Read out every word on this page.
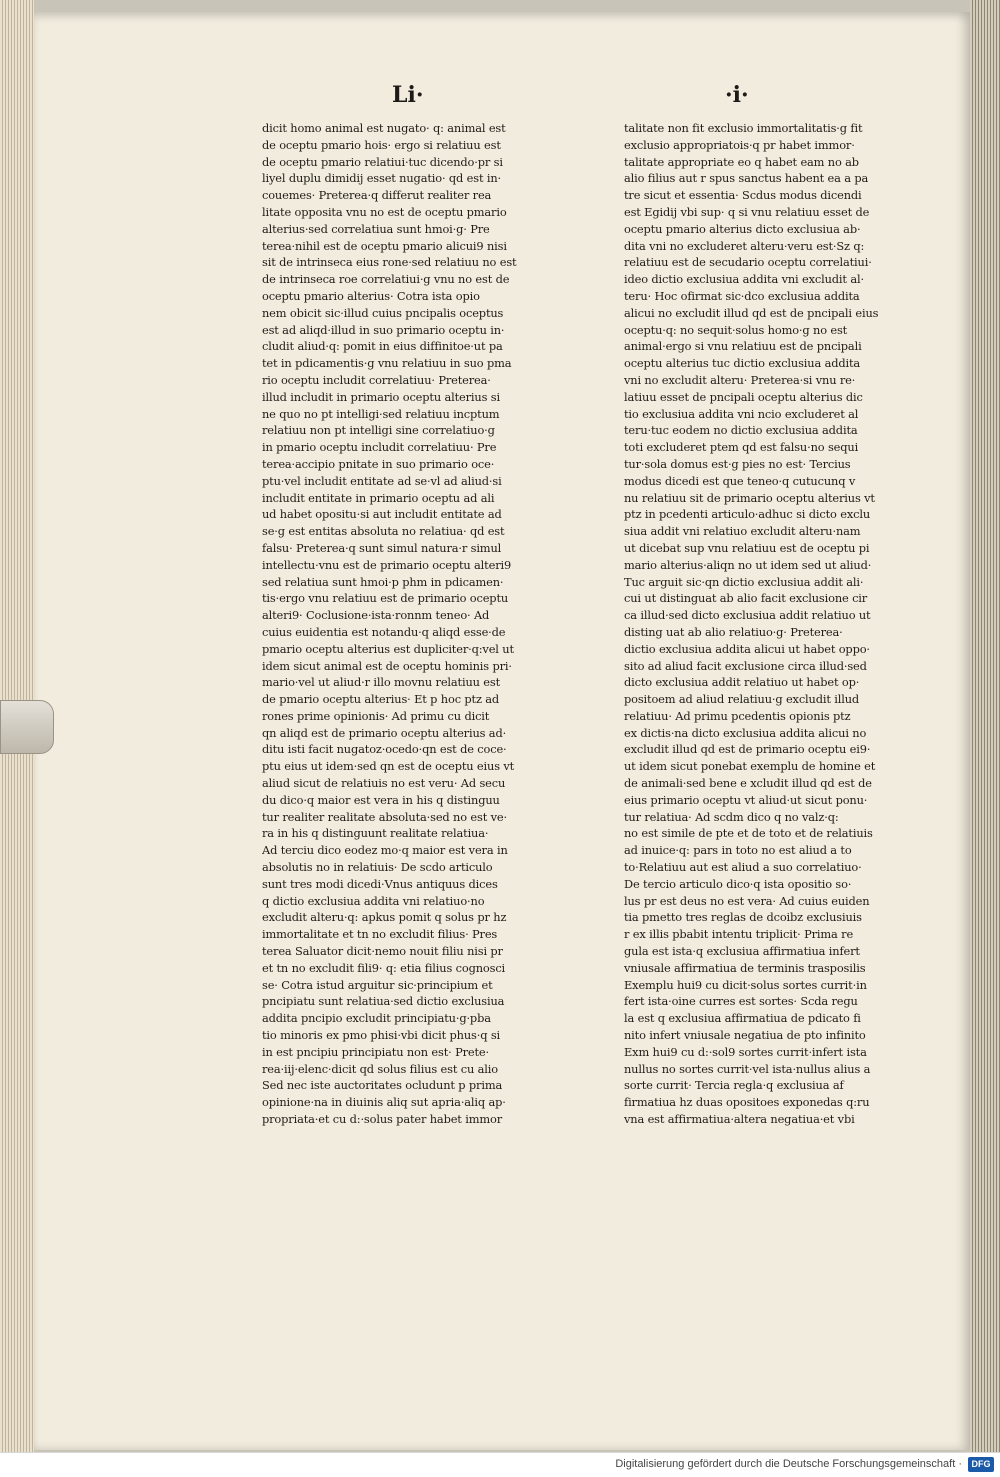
Li·	·i·
dicit homo animal est nugato· q: animal est
de oceptu pmario hois· ergo si relatiuu est
de oceptu pmario relatiui·tuc dicendo·pr si
liyel duplu dimidij esset nugatio· qd est in·
couemes· Preterea·q differut realiter rea
litate opposita vnu no est de oceptu pmario
alterius·sed correlatiua sunt hmoi·g· Pre
terea·nihil est de oceptu pmario alicui9 nisi
sit de intrinseca eius rone·sed relatiuu no est
de intrinseca roe correlatiui·g vnu no est de
oceptu pmario alterius· Cotra ista opio
nem obicit sic·illud cuius pncipalis oceptus
est ad aliqd·illud in suo primario oceptu in·
cludit aliud·q: pomit in eius diffinitoe·ut pa
tet in pdicamentis·g vnu relatiuu in suo pma
rio oceptu includit correlatiuu· Preterea·
illud includit in primario oceptu alterius si
ne quo no pt intelligi·sed relatiuu incptum
relatiuu non pt intelligi sine correlatiuo·g
in pmario oceptu includit correlatiuu· Pre
terea·accipio pnitate in suo primario oce·
ptu·vel includit entitate ad se·vl ad aliud·si
includit entitate in primario oceptu ad ali
ud habet opositu·si aut includit entitate ad
se·g est entitas absoluta no relatiua· qd est
falsu· Preterea·q sunt simul natura·r simul
intellectu·vnu est de primario oceptu alteri9
sed relatiua sunt hmoi·p phm in pdicamen·
tis·ergo vnu relatiuu est de primario oceptu
alteri9· Coclusione·ista·ronnm teneo· Ad
cuius euidentia est notandu·q aliqd esse·de
pmario oceptu alterius est dupliciter·q:vel ut
idem sicut animal est de oceptu hominis pri·
mario·vel ut aliud·r illo movnu relatiuu est
de pmario oceptu alterius· Et p hoc ptz ad
rones prime opinionis· Ad primu cu dicit
qn aliqd est de primario oceptu alterius ad·
ditu isti facit nugatoz·ocedo·qn est de coce·
ptu eius ut idem·sed qn est de oceptu eius vt
aliud sicut de relatiuis no est veru· Ad secu
du dico·q maior est vera in his q distinguu
tur realiter realitate absoluta·sed no est ve·
ra in his q distinguunt realitate relatiua·
Ad terciu dico eodez mo·q maior est vera in
absolutis no in relatiuis· De scdo articulo
sunt tres modi dicedi·Vnus antiquus dices
q dictio exclusiua addita vni relatiuo·no
excludit alteru·q: apkus pomit q solus pr hz
immortalitate et tn no excludit filius· Pres
terea Saluator dicit·nemo nouit filiu nisi pr
et tn no excludit fili9· q: etia filius cognosci
se· Cotra istud arguitur sic·principium et
pncipiatu sunt relatiua·sed dictio exclusiua
addita pncipio excludit principiatu·g·pba
tio minoris ex pmo phisi·vbi dicit phus·q si
in est pncipiu principiatu non est· Prete·
rea·iij·elenc·dicit qd solus filius est cu alio
Sed nec iste auctoritates ocludunt p prima
opinione·na in diuinis aliq sut apria·aliq ap·
propriata·et cu d:·solus pater habet immor
talitate non fit exclusio immortalitatis·g fit
exclusio appropriatois·q pr habet immor·
talitate appropriate eo q habet eam no ab
alio filius aut r spus sanctus habent ea a pa
tre sicut et essentia· Scdus modus dicendi
est Egidij vbi sup· q si vnu relatiuu esset de
oceptu pmario alterius dicto exclusiua ab·
dita vni no excluderet alteru·veru est·Sz q:
relatiuu est de secudario oceptu correlatiui·
ideo dictio exclusiua addita vni excludit al·
teru· Hoc ofirmat sic·dco exclusiua addita
alicui no excludit illud qd est de pncipali eius
oceptu·q: no sequit·solus homo·g no est
animal·ergo si vnu relatiuu est de pncipali
oceptu alterius tuc dictio exclusiua addita
vni no excludit alteru· Preterea·si vnu re·
latiuu esset de pncipali oceptu alterius dic
tio exclusiua addita vni ncio excluderet al
teru·tuc eodem no dictio exclusiua addita
toti excluderet ptem qd est falsu·no sequi
tur·sola domus est·g pies no est· Tercius
modus dicedi est que teneo·q cutucunq v
nu relatiuu sit de primario oceptu alterius vt
ptz in pcedenti articulo·adhuc si dicto exclu
siua addit vni relatiuo excludit alteru·nam
ut dicebat sup vnu relatiuu est de oceptu pi
mario alterius·aliqn no ut idem sed ut aliud·
Tuc arguit sic·qn dictio exclusiua addit ali·
cui ut distinguat ab alio facit exclusione cir
ca illud·sed dicto exclusiua addit relatiuo ut
disting uat ab alio relatiuo·g· Preterea·
dictio exclusiua addita alicui ut habet oppo·
sito ad aliud facit exclusione circa illud·sed
dicto exclusiua addit relatiuo ut habet op·
positoem ad aliud relatiuu·g excludit illud
relatiuu· Ad primu pcedentis opionis ptz
ex dictis·na dicto exclusiua addita alicui no
excludit illud qd est de primario oceptu ei9·
ut idem sicut ponebat exemplu de homine et
de animali·sed bene e xcludit illud qd est de
eius primario oceptu vt aliud·ut sicut ponu·
tur relatiua· Ad scdm dico q no valz·q:
no est simile de pte et de toto et de relatiuis
ad inuice·q: pars in toto no est aliud a to
to·Relatiuu aut est aliud a suo correlatiuo·
De tercio articulo dico·q ista opositio so·
lus pr est deus no est vera· Ad cuius euiden
tia pmetto tres reglas de dcoibz exclusiuis
r ex illis pbabit intentu triplicit· Prima re
gula est ista·q exclusiua affirmatiua infert
vniusale affirmatiua de terminis trasposilis
Exemplu hui9 cu dicit·solus sortes currit·in
fert ista·oine curres est sortes· Scda regu
la est q exclusiua affirmatiua de pdicato fi
nito infert vniusale negatiua de pto infinito
Exm hui9 cu d:·sol9 sortes currit·infert ista
nullus no sortes currit·vel ista·nullus alius a
sorte currit· Tercia regla·q exclusiua af
firmatiua hz duas opositoes exponedas q:ru
vna est affirmatiua·altera negatiua·et vbi
Digitalisierung gefördert durch die Deutsche Forschungsgemeinschaft ·	DFG
